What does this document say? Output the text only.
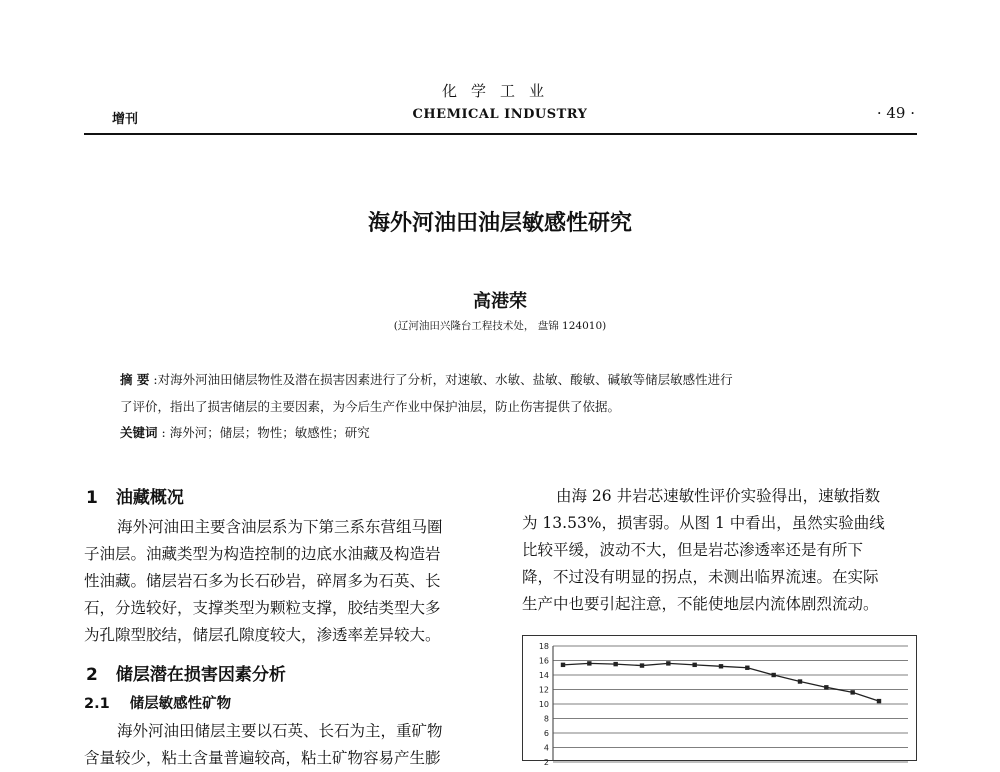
化学工业
增刊	CHEMICAL INDUSTRY	· 49 ·
海外河油田油层敏感性研究
高港荣
(辽河油田兴隆台工程技术处， 盘锦 124010)
摘 要 :对海外河油田储层物性及潜在损害因素进行了分析，对速敏、水敏、盐敏、酸敏、碱敏等储层敏感性进行
了评价，指出了损害储层的主要因素，为今后生产作业中保护油层，防止伤害提供了依据。
关键词 : 海外河；储层；物性；敏感性；研究
1 油藏概况
海外河油田主要含油层系为下第三系东营组马圈
子油层。油藏类型为构造控制的边底水油藏及构造岩
性油藏。储层岩石多为长石砂岩，碎屑多为石英、长
石，分选较好，支撑类型为颗粒支撑，胶结类型大多
为孔隙型胶结，储层孔隙度较大，渗透率差异较大。
2 储层潜在损害因素分析
2.1 储层敏感性矿物
海外河油田储层主要以石英、长石为主，重矿物
含量较少，粘土含量普遍较高，粘土矿物容易产生膨
由海 26 井岩芯速敏性评价实验得出，速敏指数
为 13.53%，损害弱。从图 1 中看出，虽然实验曲线
比较平缓，波动不大，但是岩芯渗透率还是有所下
降，不过没有明显的拐点，未测出临界流速。在实际
生产中也要引起注意，不能使地层内流体剧烈流动。
18
16
14
12
10
8
6
4
2
